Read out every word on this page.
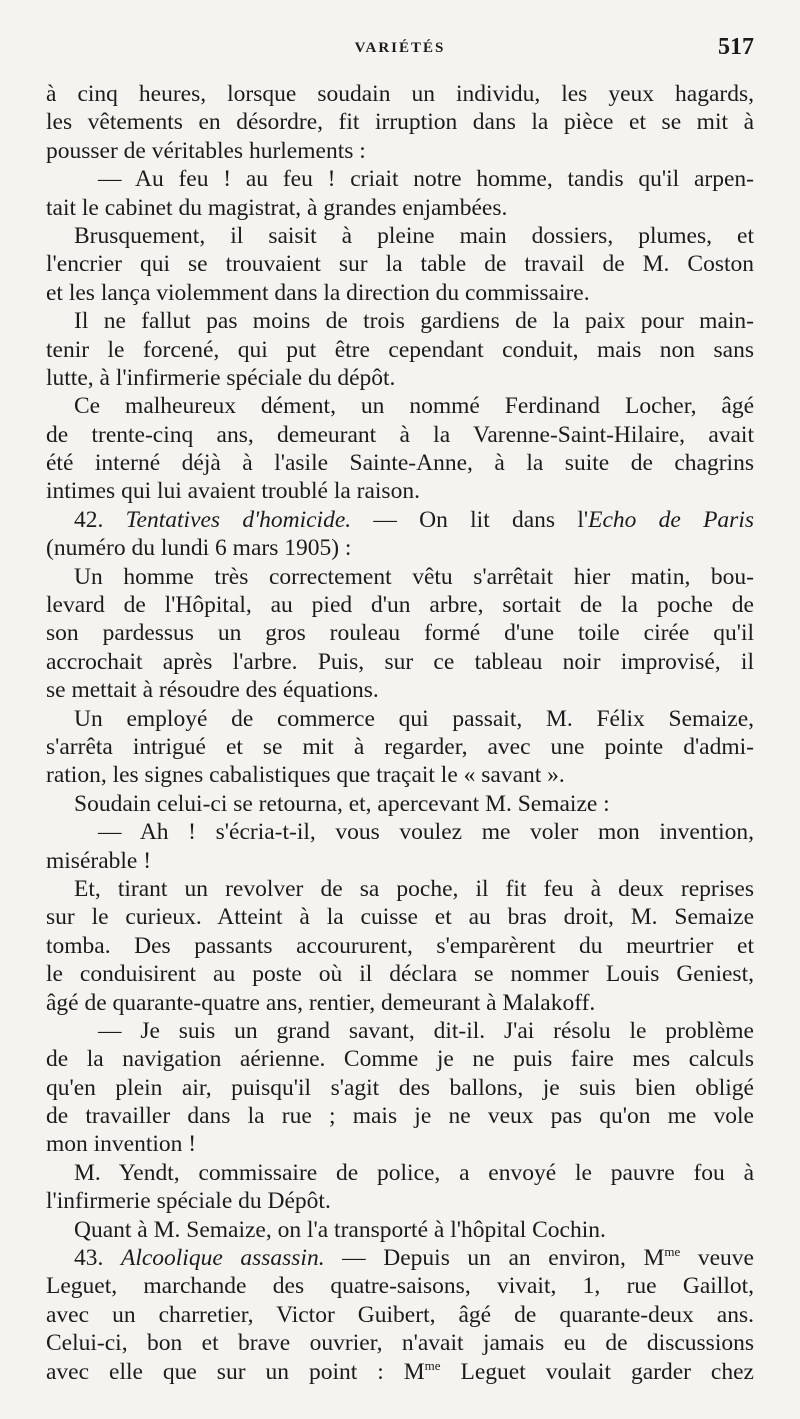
VARIÉTÉS	517
à cinq heures, lorsque soudain un individu, les yeux hagards,
les vêtements en désordre, fit irruption dans la pièce et se mit à
pousser de véritables hurlements :
— Au feu ! au feu ! criait notre homme, tandis qu'il arpen-
tait le cabinet du magistrat, à grandes enjambées.
Brusquement, il saisit à pleine main dossiers, plumes, et
l'encrier qui se trouvaient sur la table de travail de M. Coston
et les lança violemment dans la direction du commissaire.
Il ne fallut pas moins de trois gardiens de la paix pour main-
tenir le forcené, qui put être cependant conduit, mais non sans
lutte, à l'infirmerie spéciale du dépôt.
Ce malheureux dément, un nommé Ferdinand Locher, âgé
de trente-cinq ans, demeurant à la Varenne-Saint-Hilaire, avait
été interné déjà à l'asile Sainte-Anne, à la suite de chagrins
intimes qui lui avaient troublé la raison.
42. Tentatives d'homicide. — On lit dans l'Echo de Paris
(numéro du lundi 6 mars 1905) :
Un homme très correctement vêtu s'arrêtait hier matin, bou-
levard de l'Hôpital, au pied d'un arbre, sortait de la poche de
son pardessus un gros rouleau formé d'une toile cirée qu'il
accrochait après l'arbre. Puis, sur ce tableau noir improvisé, il
se mettait à résoudre des équations.
Un employé de commerce qui passait, M. Félix Semaize,
s'arrêta intrigué et se mit à regarder, avec une pointe d'admi-
ration, les signes cabalistiques que traçait le « savant ».
Soudain celui-ci se retourna, et, apercevant M. Semaize :
— Ah ! s'écria-t-il, vous voulez me voler mon invention,
misérable !
Et, tirant un revolver de sa poche, il fit feu à deux reprises
sur le curieux. Atteint à la cuisse et au bras droit, M. Semaize
tomba. Des passants accoururent, s'emparèrent du meurtrier et
le conduisirent au poste où il déclara se nommer Louis Geniest,
âgé de quarante-quatre ans, rentier, demeurant à Malakoff.
— Je suis un grand savant, dit-il. J'ai résolu le problème
de la navigation aérienne. Comme je ne puis faire mes calculs
qu'en plein air, puisqu'il s'agit des ballons, je suis bien obligé
de travailler dans la rue ; mais je ne veux pas qu'on me vole
mon invention !
M. Yendt, commissaire de police, a envoyé le pauvre fou à
l'infirmerie spéciale du Dépôt.
Quant à M. Semaize, on l'a transporté à l'hôpital Cochin.
43. Alcoolique assassin. — Depuis un an environ, $M^{me}$ veuve
Leguet, marchande des quatre-saisons, vivait, 1, rue Gaillot,
avec un charretier, Victor Guibert, âgé de quarante-deux ans.
Celui-ci, bon et brave ouvrier, n'avait jamais eu de discussions
avec elle que sur un point : $M^{me}$ Leguet voulait garder chez
